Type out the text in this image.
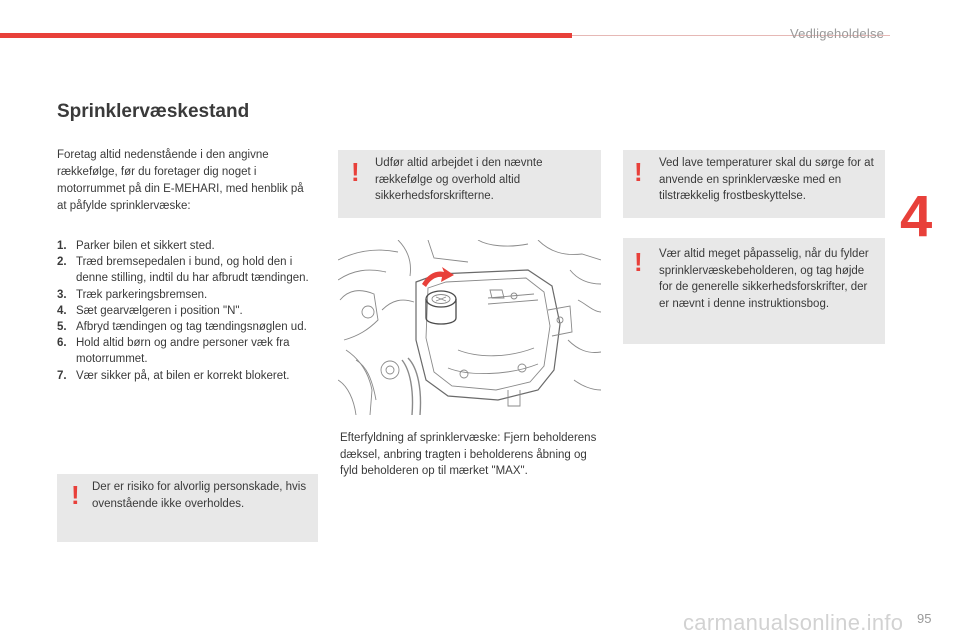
Vedligeholdelse
4
Sprinklervæskestand

Foretag altid nedenstående i den angivne rækkefølge, før du foretager dig noget i motorrummet på din E-MEHARI, med henblik på at påfylde sprinklervæske:

1. Parker bilen et sikkert sted.
2. Træd bremsepedalen i bund, og hold den i denne stilling, indtil du har afbrudt tændingen.
3. Træk parkeringsbremsen.
4. Sæt gearvælgeren i position "N".
5. Afbryd tændingen og tag tændingsnøglen ud.
6. Hold altid børn og andre personer væk fra motorrummet.
7. Vær sikker på, at bilen er korrekt blokeret.
! Der er risiko for alvorlig personskade, hvis ovenstående ikke overholdes.

! Udfør altid arbejdet i den nævnte rækkefølge og overhold altid sikkerhedsforskrifterne.

! Ved lave temperaturer skal du sørge for at anvende en sprinklervæske med en tilstrækkelig frostbeskyttelse.

! Vær altid meget påpasselig, når du fylder sprinklervæskebeholderen, og tag højde for de generelle sikkerhedsforskrifter, der er nævnt i denne instruktionsbog.

Efterfyldning af sprinklervæske: Fjern beholderens dæksel, anbring tragten i beholderens åbning og fyld beholderen op til mærket "MAX".

carmanualsonline.info 95
